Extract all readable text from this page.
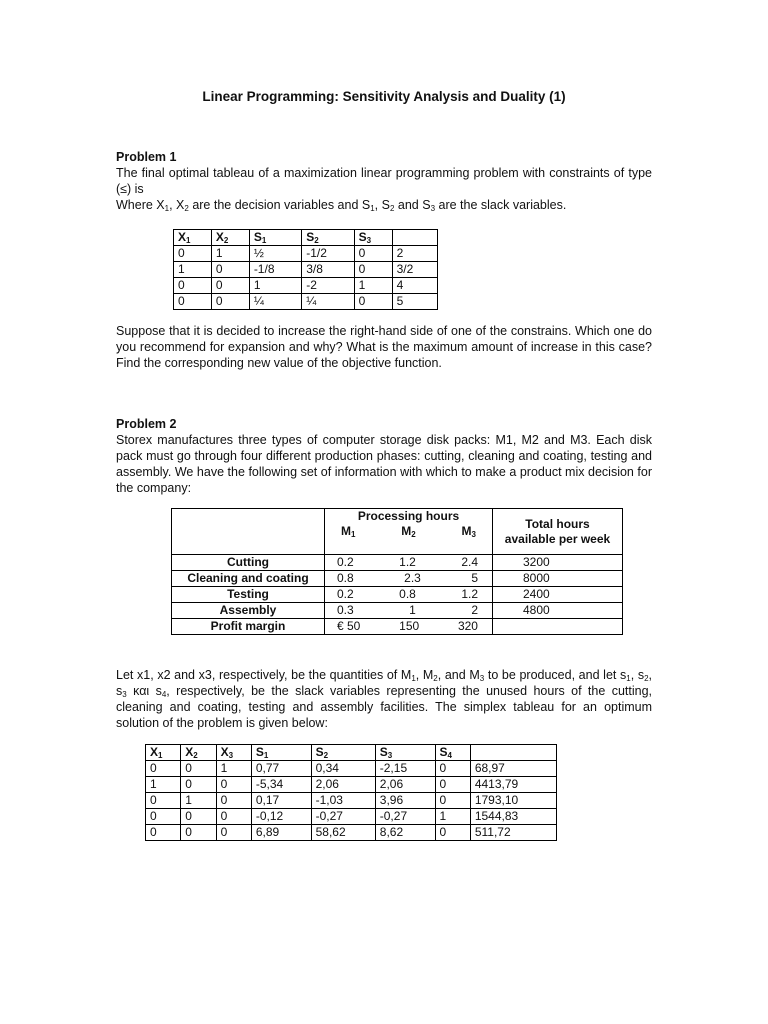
Linear Programming: Sensitivity Analysis and Duality (1)
Problem 1
The final optimal tableau of a maximization linear programming problem with constraints of type (≤) is
Where $X_1$, $X_2$ are the decision variables and $S_1$, $S_2$ and $S_3$ are the slack variables.
$X_1$	$X_2$	$S_1$	$S_2$	$S_3$	
0	1	½	-1/2	0	2
1	0	-1/8	3/8	0	3/2
0	0	1	-2	1	4
0	0	¼	¼	0	5
Suppose that it is decided to increase the right-hand side of one of the constrains. Which one do you recommend for expansion and why? What is the maximum amount of increase in this case? Find the corresponding new value of the objective function.
Problem 2
Storex manufactures three types of computer storage disk packs: M1, M2 and M3. Each disk pack must go through four different production phases: cutting, cleaning and coating, testing and assembly. We have the following set of information with which to make a product mix decision for the company:

	Processing hours
$M_1$ $M_2$ $M_3$	Total hours available per week
Cutting	0.2 1.2 2.4	3200
Cleaning and coating	0.8 2.3 5	8000
Testing	0.2 0.8 1.2	2400
Assembly	0.3 1 2	4800
Profit margin	€ 50 150 320	

Let x1, x2 and x3, respectively, be the quantities of $M_1$, $M_2$, and $M_3$ to be produced, and let $s_1$, $s_2$, $s_3$ και $s_4$, respectively, be the slack variables representing the unused hours of the cutting, cleaning and coating, testing and assembly facilities. The simplex tableau for an optimum solution of the problem is given below:
$X_1$	$X_2$	$X_3$	$S_1$	$S_2$	$S_3$	$S_4$	
0	0	1	0,77	0,34	-2,15	0	68,97
1	0	0	-5,34	2,06	2,06	0	4413,79
0	1	0	0,17	-1,03	3,96	0	1793,10
0	0	0	-0,12	-0,27	-0,27	1	1544,83
0	0	0	6,89	58,62	8,62	0	511,72
